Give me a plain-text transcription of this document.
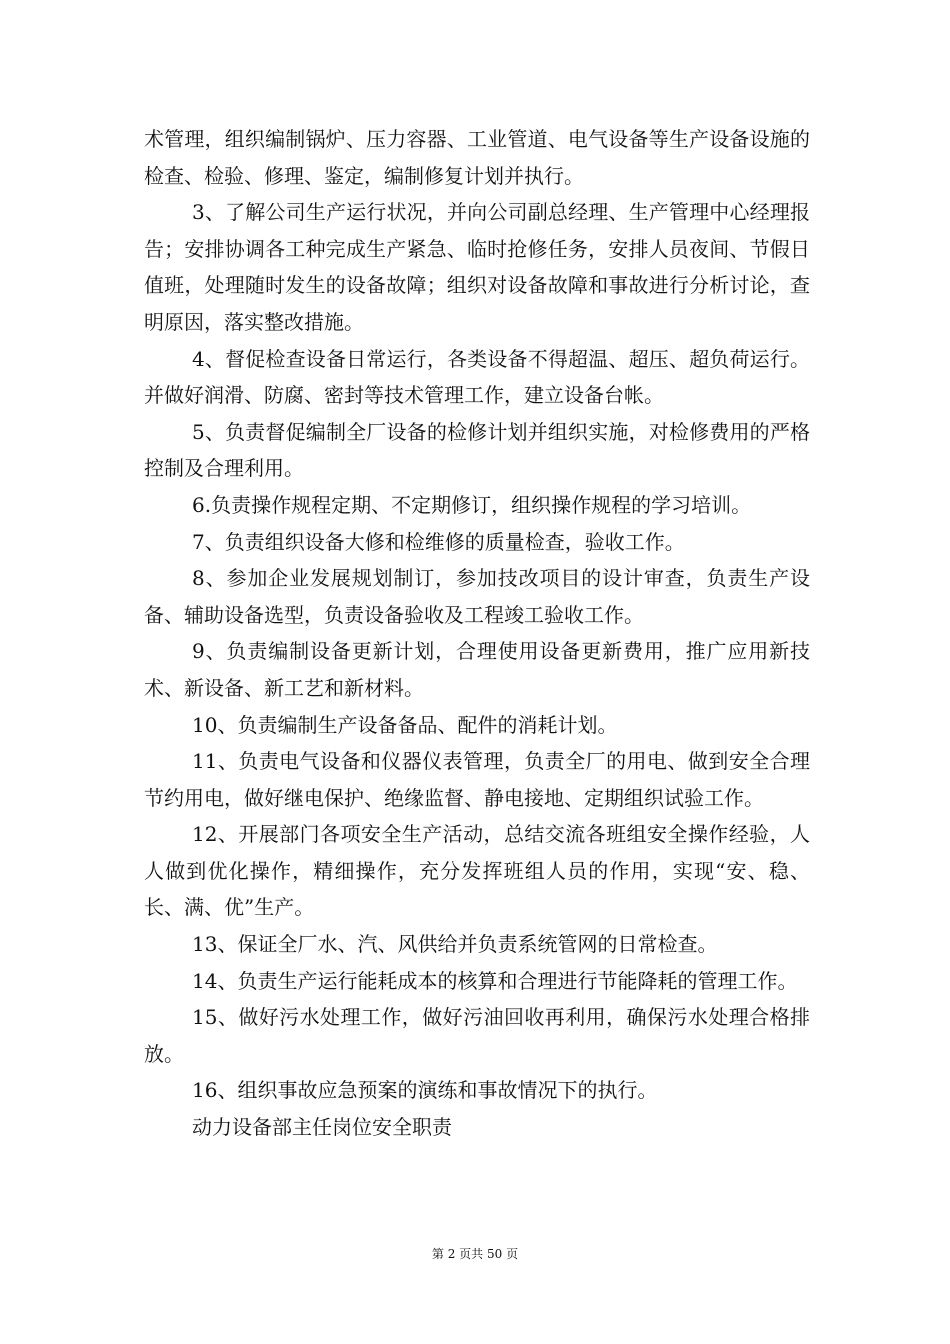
术管理，组织编制锅炉、压力容器、工业管道、电气设备等生产设备设施的检查、检验、修理、鉴定，编制修复计划并执行。

3、了解公司生产运行状况，并向公司副总经理、生产管理中心经理报告；安排协调各工种完成生产紧急、临时抢修任务，安排人员夜间、节假日值班，处理随时发生的设备故障；组织对设备故障和事故进行分析讨论，查明原因，落实整改措施。

4、督促检查设备日常运行，各类设备不得超温、超压、超负荷运行。并做好润滑、防腐、密封等技术管理工作，建立设备台帐。

5、负责督促编制全厂设备的检修计划并组织实施，对检修费用的严格控制及合理利用。

6.负责操作规程定期、不定期修订，组织操作规程的学习培训。

7、负责组织设备大修和检维修的质量检查，验收工作。

8、参加企业发展规划制订，参加技改项目的设计审查，负责生产设备、辅助设备选型，负责设备验收及工程竣工验收工作。

9、负责编制设备更新计划，合理使用设备更新费用，推广应用新技术、新设备、新工艺和新材料。

10、负责编制生产设备备品、配件的消耗计划。

11、负责电气设备和仪器仪表管理，负责全厂的用电、做到安全合理节约用电，做好继电保护、绝缘监督、静电接地、定期组织试验工作。

12、开展部门各项安全生产活动，总结交流各班组安全操作经验，人人做到优化操作，精细操作，充分发挥班组人员的作用，实现“安、稳、长、满、优”生产。

13、保证全厂水、汽、风供给并负责系统管网的日常检查。

14、负责生产运行能耗成本的核算和合理进行节能降耗的管理工作。

15、做好污水处理工作，做好污油回收再利用，确保污水处理合格排放。

16、组织事故应急预案的演练和事故情况下的执行。

动力设备部主任岗位安全职责

第 2 页共 50 页
